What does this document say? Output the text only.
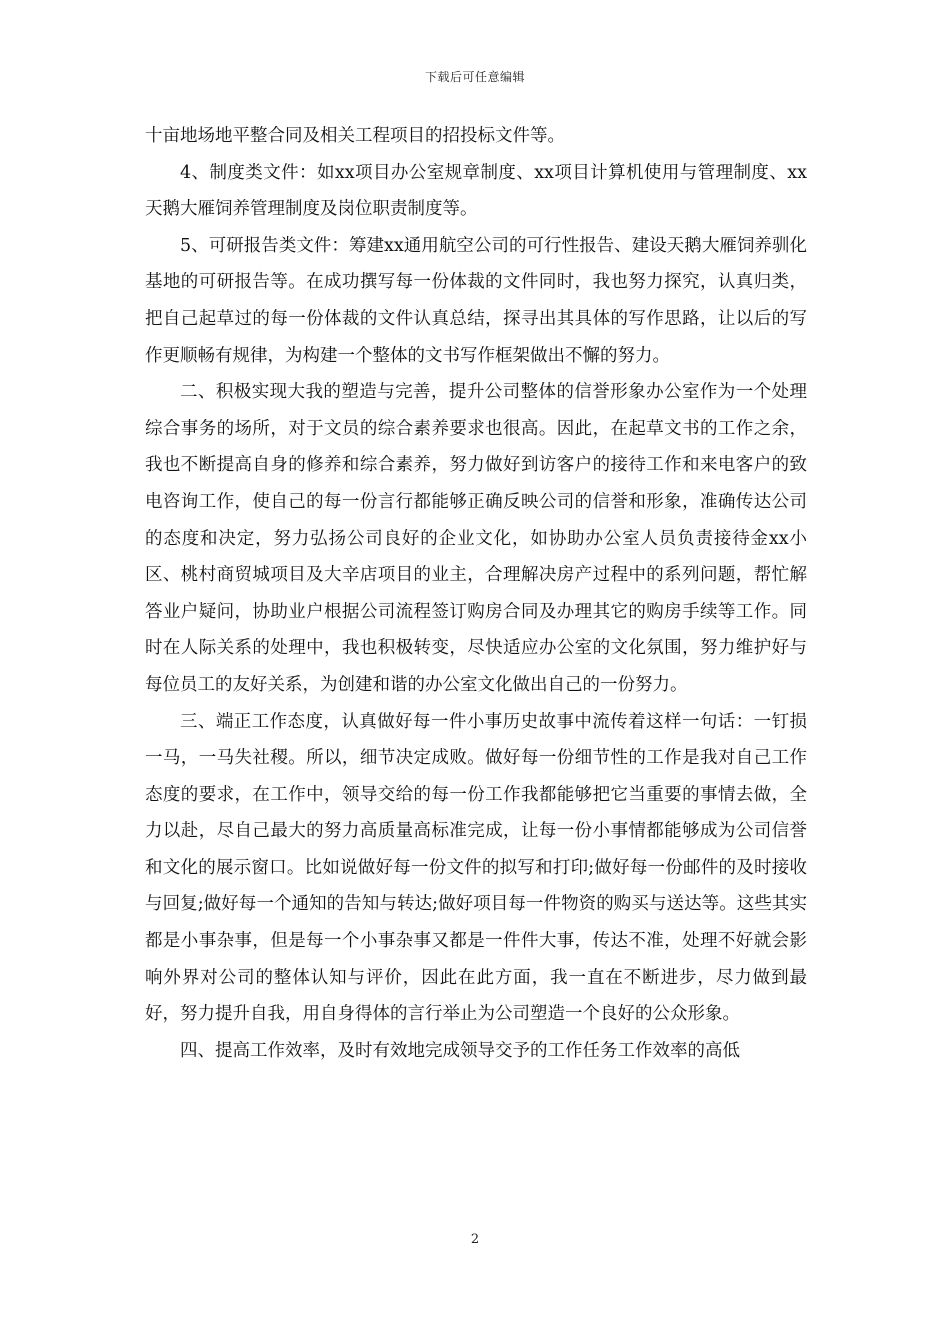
下载后可任意编辑

十亩地场地平整合同及相关工程项目的招投标文件等。

4、制度类文件：如xx项目办公室规章制度、xx项目计算机使用与管理制度、xx天鹅大雁饲养管理制度及岗位职责制度等。

5、可研报告类文件：筹建xx通用航空公司的可行性报告、建设天鹅大雁饲养驯化基地的可研报告等。在成功撰写每一份体裁的文件同时，我也努力探究，认真归类，把自己起草过的每一份体裁的文件认真总结，探寻出其具体的写作思路，让以后的写作更顺畅有规律，为构建一个整体的文书写作框架做出不懈的努力。

二、积极实现大我的塑造与完善，提升公司整体的信誉形象办公室作为一个处理综合事务的场所，对于文员的综合素养要求也很高。因此，在起草文书的工作之余，我也不断提高自身的修养和综合素养，努力做好到访客户的接待工作和来电客户的致电咨询工作，使自己的每一份言行都能够正确反映公司的信誉和形象，准确传达公司的态度和决定，努力弘扬公司良好的企业文化，如协助办公室人员负责接待金xx小区、桃村商贸城项目及大辛店项目的业主，合理解决房产过程中的系列问题，帮忙解答业户疑问，协助业户根据公司流程签订购房合同及办理其它的购房手续等工作。同时在人际关系的处理中，我也积极转变，尽快适应办公室的文化氛围，努力维护好与每位员工的友好关系，为创建和谐的办公室文化做出自己的一份努力。

三、端正工作态度，认真做好每一件小事历史故事中流传着这样一句话：一钉损一马，一马失社稷。所以，细节决定成败。做好每一份细节性的工作是我对自己工作态度的要求，在工作中，领导交给的每一份工作我都能够把它当重要的事情去做，全力以赴，尽自己最大的努力高质量高标准完成，让每一份小事情都能够成为公司信誉和文化的展示窗口。比如说做好每一份文件的拟写和打印;做好每一份邮件的及时接收与回复;做好每一个通知的告知与转达;做好项目每一件物资的购买与送达等。这些其实都是小事杂事，但是每一个小事杂事又都是一件件大事，传达不准，处理不好就会影响外界对公司的整体认知与评价，因此在此方面，我一直在不断进步，尽力做到最好，努力提升自我，用自身得体的言行举止为公司塑造一个良好的公众形象。

四、提高工作效率，及时有效地完成领导交予的工作任务工作效率的高低

2
